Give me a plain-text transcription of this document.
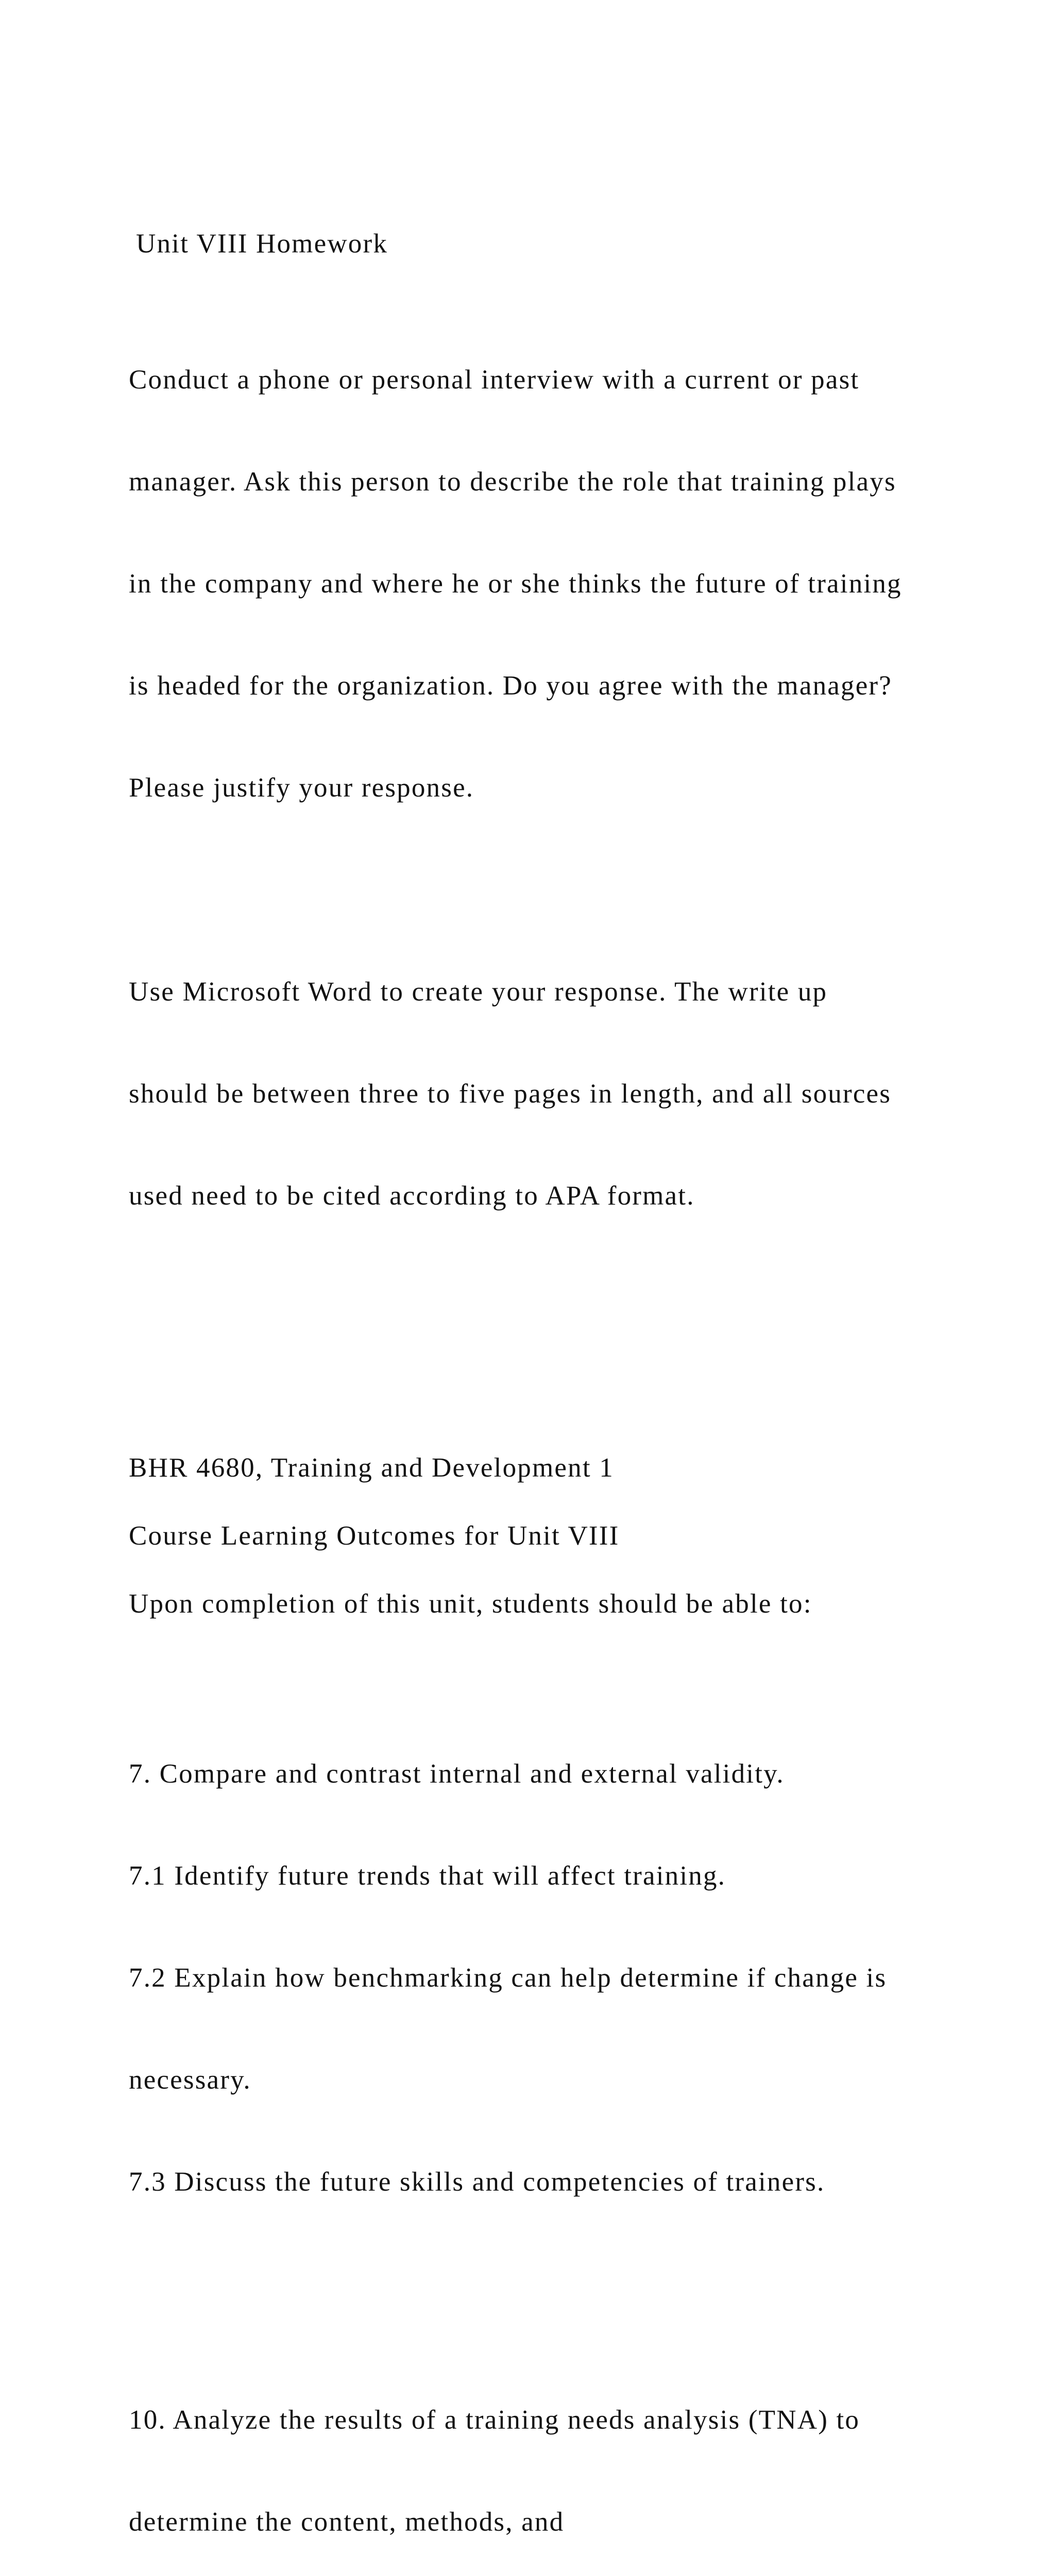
Unit VIII Homework

Conduct a phone or personal interview with a current or past

manager. Ask this person to describe the role that training plays

in the company and where he or she thinks the future of training

is headed for the organization. Do you agree with the manager?

Please justify your response.

Use Microsoft Word to create your response. The write up

should be between three to five pages in length, and all sources

used need to be cited according to APA format.

BHR 4680, Training and Development 1

Course Learning Outcomes for Unit VIII

Upon completion of this unit, students should be able to:

7. Compare and contrast internal and external validity.

7.1 Identify future trends that will affect training.

7.2 Explain how benchmarking can help determine if change is

necessary.

7.3 Discuss the future skills and competencies of trainers.

10. Analyze the results of a training needs analysis (TNA) to

determine the content, methods, and
